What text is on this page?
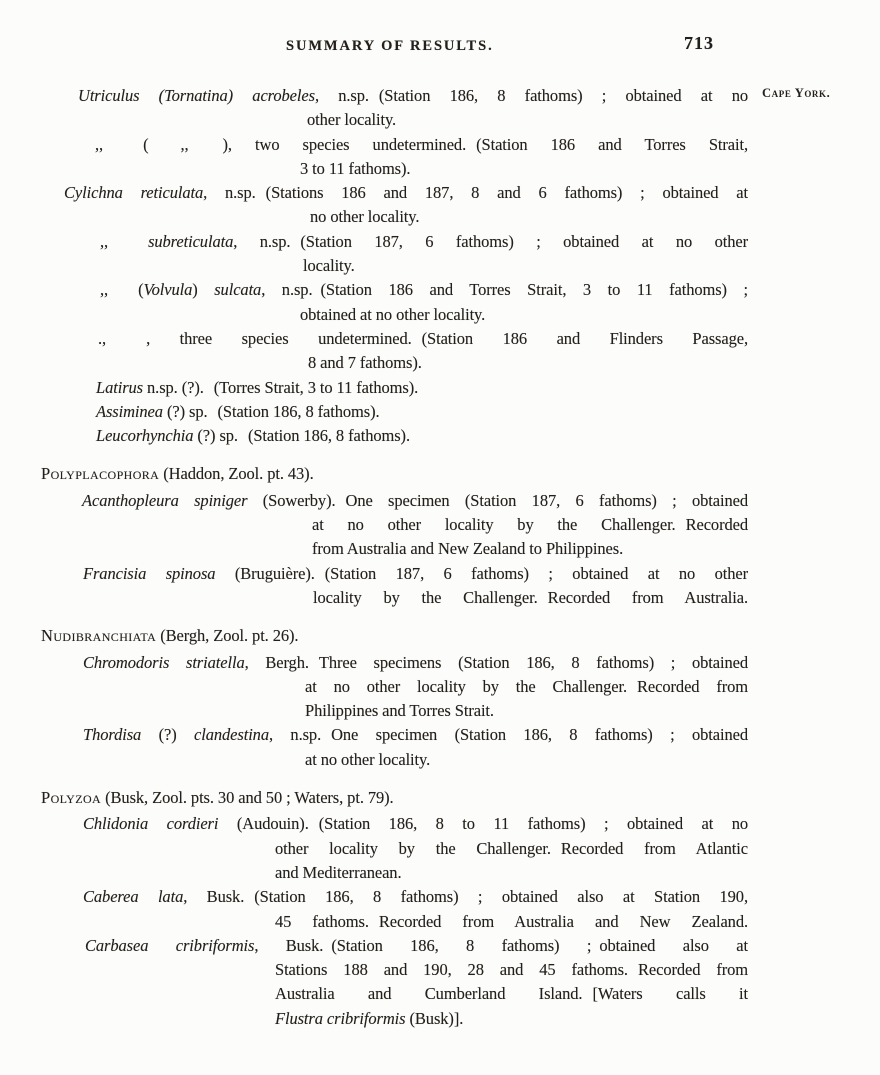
SUMMARY OF RESULTS.	713
Cape York.
Utriculus (Tornatina) acrobeles, n.sp. (Station 186, 8 fathoms) ; obtained at no
other locality.
,, ( ,, ), two species undetermined. (Station 186 and Torres Strait,
3 to 11 fathoms).
Cylichna reticulata, n.sp. (Stations 186 and 187, 8 and 6 fathoms) ; obtained at
no other locality.
,, subreticulata, n.sp. (Station 187, 6 fathoms) ; obtained at no other
locality.
,, (Volvula) sulcata, n.sp. (Station 186 and Torres Strait, 3 to 11 fathoms) ;
obtained at no other locality.
., , three species undetermined. (Station 186 and Flinders Passage,
8 and 7 fathoms).
Latirus n.sp. (?). (Torres Strait, 3 to 11 fathoms).
Assiminea (?) sp. (Station 186, 8 fathoms).
Leucorhynchia (?) sp. (Station 186, 8 fathoms).
Polyplacophora (Haddon, Zool. pt. 43).
Acanthopleura spiniger (Sowerby). One specimen (Station 187, 6 fathoms) ; obtained
at no other locality by the Challenger. Recorded
from Australia and New Zealand to Philippines.
Francisia spinosa (Bruguière). (Station 187, 6 fathoms) ; obtained at no other
locality by the Challenger. Recorded from Australia.
Nudibranchiata (Bergh, Zool. pt. 26).
Chromodoris striatella, Bergh. Three specimens (Station 186, 8 fathoms) ; obtained
at no other locality by the Challenger. Recorded from
Philippines and Torres Strait.
Thordisa (?) clandestina, n.sp. One specimen (Station 186, 8 fathoms) ; obtained
at no other locality.
Polyzoa (Busk, Zool. pts. 30 and 50 ; Waters, pt. 79).
Chlidonia cordieri (Audouin). (Station 186, 8 to 11 fathoms) ; obtained at no
other locality by the Challenger. Recorded from Atlantic
and Mediterranean.
Caberea lata, Busk. (Station 186, 8 fathoms) ; obtained also at Station 190,
45 fathoms. Recorded from Australia and New Zealand.
Carbasea cribriformis, Busk. (Station 186, 8 fathoms) ; obtained also at
Stations 188 and 190, 28 and 45 fathoms. Recorded from
Australia and Cumberland Island. [Waters calls it
Flustra cribriformis (Busk)].
